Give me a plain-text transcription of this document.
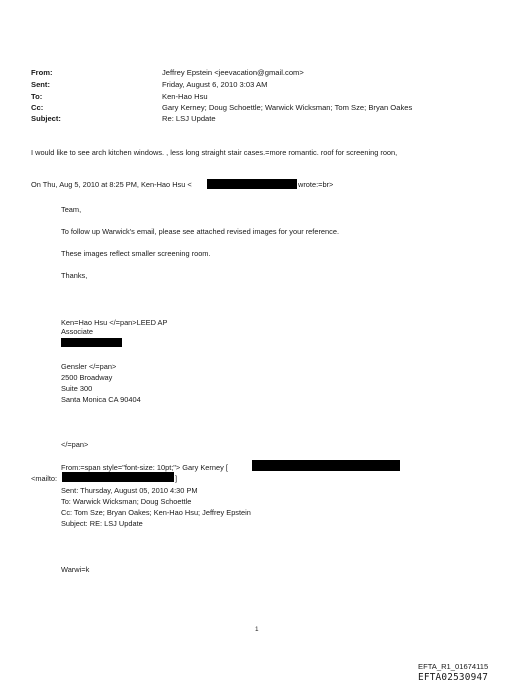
From:	Jeffrey Epstein <jeevacation@gmail.com>
Sent:	Friday, August 6, 2010 3:03 AM
To:	Ken-Hao Hsu
Cc:	Gary Kerney; Doug Schoettle; Warwick Wicksman; Tom Sze; Bryan Oakes
Subject:	Re: LSJ Update
I would like to see arch kitchen windows. , less long straight stair cases.=more romantic. roof for screening roon,
On Thu, Aug 5, 2010 at 8:25 PM, Ken-Hao Hsu <	wrote:=br>
Team,
To follow up Warwick's email, please see attached revised images for your reference.
These images reflect smaller screening room.
Thanks,
Ken=Hao Hsu </=pan>LEED AP
Associate
Gensler </=pan>
2500 Broadway
Suite 300
Santa Monica CA 90404
</=pan>
From:=span style="font-size: 10pt;"> Gary Kerney [
<mailto:	]
Sent: Thursday, August 05, 2010 4:30 PM
To: Warwick Wicksman; Doug Schoettle
Cc: Tom Sze; Bryan Oakes; Ken-Hao Hsu; Jeffrey Epstein
Subject: RE: LSJ Update
Warwi=k
1
EFTA_R1_01674115
EFTA02530947
